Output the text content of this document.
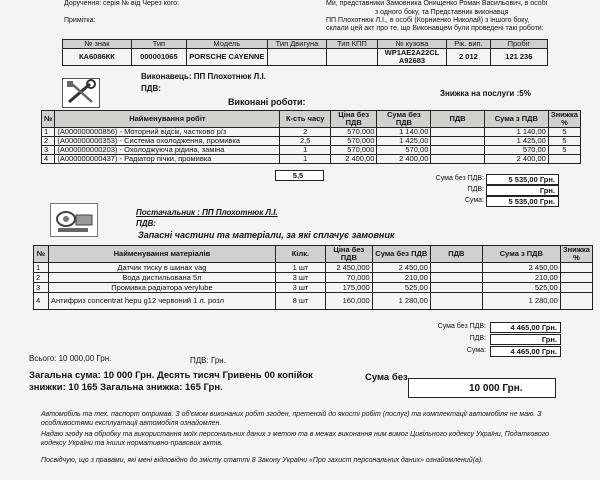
Доручення: серія № від Через кого:	Ми, представники Замовника Онищенко Роман Васильович, в особі
з одного боку, та Представник виконавця
Примітка:	ПП Плохотнюк Л.І., в особі (Корниенко Николай) з іншого боку,
склали цей акт про те, що Виконавцем були проведені такі роботи:
№ знак	Тип	Модель	Тип Двигуна	Тип КПП	№ кузова	Рік. вип.	Пробіг
КА6086КК	000001065	PORSCHE CAYENNE			WP1AE2A22CL A92683	2 012	121 236
Виконавець: ПП Плохотнюк Л.І.
ПДВ:
Знижка на послуги :5%
Виконані роботи:
№	Найменування робіт	К-сть часу	Ціна без ПДВ	Сума без ПДВ	ПДВ	Сума з ПДВ	Знижка %
1	(A000000000856) - Моторний відсік, частково р/з	2	570,000	1 140,00		1 140,00	5
2	(A000000000353) - Система охолодження, промивка	2,5	570,000	1 425,00		1 425,00	5
3	(A000000000203) - Охолоджуюча рідина, заміна	1	570,000	570,00		570,00	5
4	(A000000000437) - Радіатор пічки, промивка	1	2 400,00	2 400,00		2 400,00	
5,5	Сума без ПДВ:	5 535,00 Грн.
ПДВ:	Грн.
Сума:	5 535,00 Грн.
Постачальник : ПП Плохотнюк Л.І.
ПДВ:
Запасні частини та матеріали, за які сплачує замовник
№	Найменування матеріалів	Кілк.	Ціна без ПДВ	Сума без ПДВ	ПДВ	Сума з ПДВ	Знижка %
1	Датчик тиску в шинах vag	1 шт	2 450,000	2 450,00		2 450,00	
2	Вода дистильована 5л	3 шт	70,000	210,00		210,00	
3	Промивка радіатора verylube	3 шт	175,000	525,00		525,00	
4	Антифриз concentrat hepu g12 червоний 1 л. розл	8 шт	160,000	1 280,00		1 280,00	
Сума без ПДВ:	4 465,00 Грн.
ПДВ:	Грн.
Сума:	4 465,00 Грн.
Всього: 10 000,00 Грн.	ПДВ: Грн.
Загальна сума: 10 000 Грн. Десять тисяч Гривень 00 копійок	Сума без
знижки: 10 165 Загальна знижка: 165 Грн.	10 000 Грн.
Автомобіль та тех. паспорт отримав. З об'ємом виконаних робіт згоден, претензій до якості робіт (послуг) та комплектації автомобіля не маю. З особливостями експлуатації автомобіля ознайомлен.
Надаю згоду на обробку та використання моїх персональних даних з метою та в межах виконання ним вимог Цивільного кодексу України, Податкового кодексу України та інших нормативно-правових актів.
Посвідчую, що з правами, які мені відповідно до змісту статті 8 Закону України «Про захист персональних даних» ознайомлений(а).
